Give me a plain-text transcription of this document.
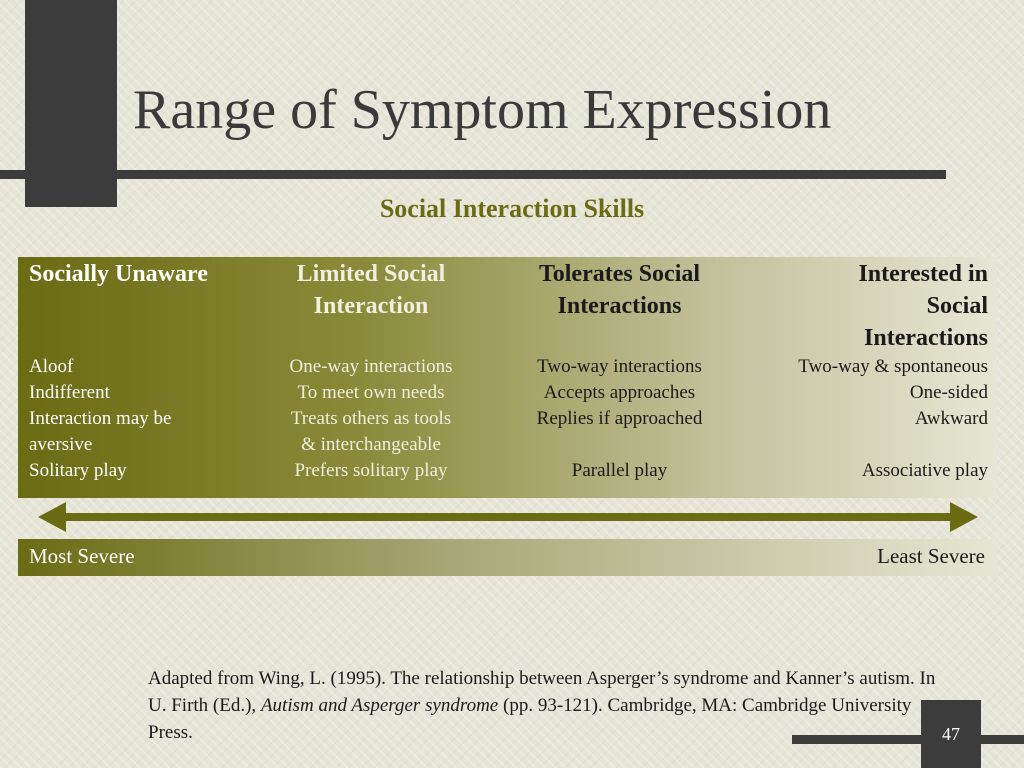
Range of Symptom Expression
Social Interaction Skills
Socially Unaware
Aloof
Indifferent
Interaction may be
aversive
Solitary play
Limited Social
Interaction
One-way interactions
To meet own needs
Treats others as tools
& interchangeable
Prefers solitary play
Tolerates Social
Interactions
Two-way interactions
Accepts approaches
Replies if approached

Parallel play
Interested in
Social
Interactions
Two-way & spontaneous
One-sided
Awkward

Associative play
Most Severe	Least Severe

Adapted from Wing, L. (1995). The relationship between Asperger’s syndrome and Kanner’s autism. In U. Firth (Ed.), Autism and Asperger syndrome (pp. 93-121). Cambridge, MA: Cambridge University Press.	47
